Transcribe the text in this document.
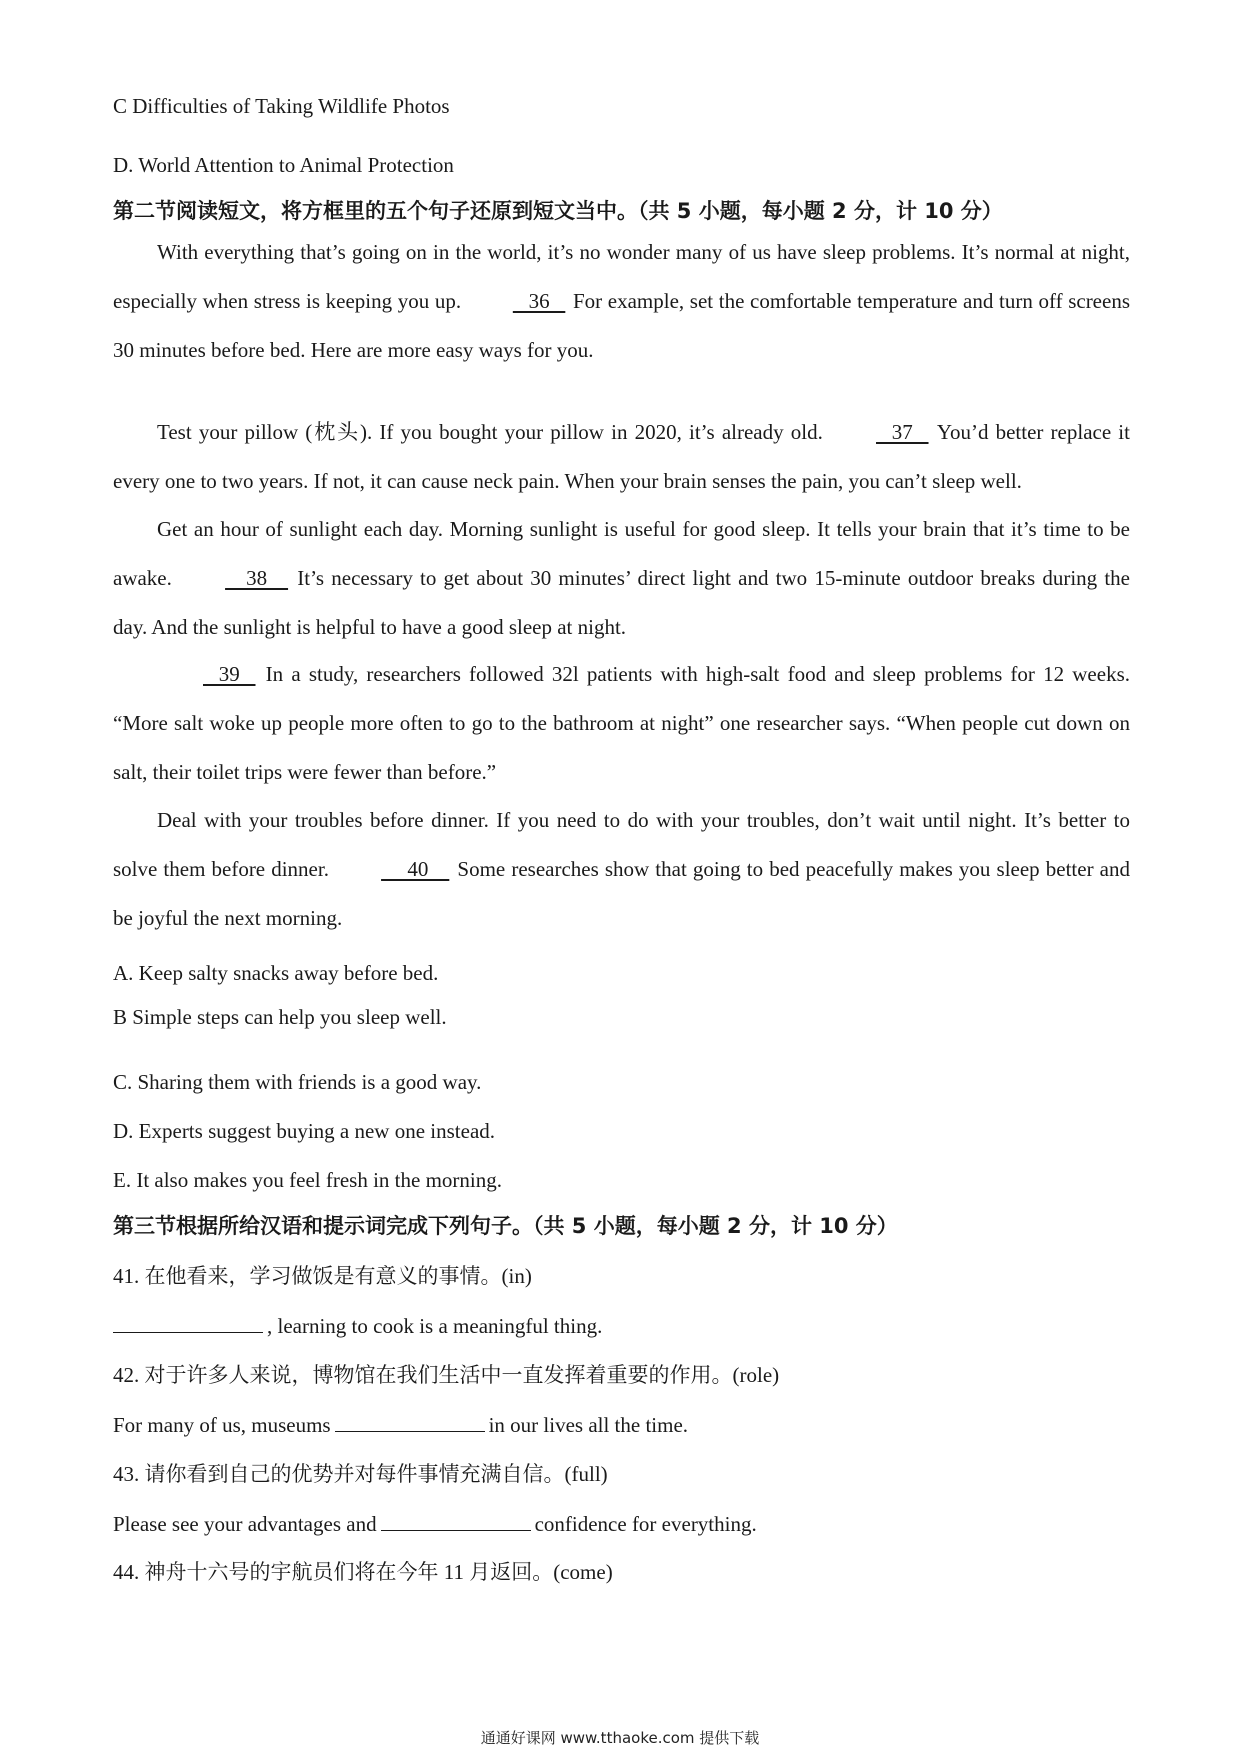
C Difficulties of Taking Wildlife Photos
D. World Attention to Animal Protection
第二节阅读短文，将方框里的五个句子还原到短文当中。（共 5 小题，每小题 2 分，计 10 分）
With everything that’s going on in the world, it’s no wonder many of us have sleep problems. It’s normal at night, especially when stress is keeping you up.    36    For example, set the comfortable temperature and turn off screens 30 minutes before bed. Here are more easy ways for you.
Test your pillow (枕头). If you bought your pillow in 2020, it’s already old.    37    You’d better replace it every one to two years. If not, it can cause neck pain. When your brain senses the pain, you can’t sleep well.
Get an hour of sunlight each day. Morning sunlight is useful for good sleep. It tells your brain that it’s time to be awake.     38     It’s necessary to get about 30 minutes’ direct light and two 15-minute outdoor breaks during the day. And the sunlight is helpful to have a good sleep at night.
39    In a study, researchers followed 32l patients with high-salt food and sleep problems for 12 weeks. “More salt woke up people more often to go to the bathroom at night” one researcher says. “When people cut down on salt, their toilet trips were fewer than before.”
Deal with your troubles before dinner. If you need to do with your troubles, don’t wait until night. It’s better to solve them before dinner.      40     Some researches show that going to bed peacefully makes you sleep better and be joyful the next morning.
A. Keep salty snacks away before bed.
B Simple steps can help you sleep well.
C. Sharing them with friends is a good way.
D. Experts suggest buying a new one instead.
E. It also makes you feel fresh in the morning.
第三节根据所给汉语和提示词完成下列句子。（共 5 小题，每小题 2 分，计 10 分）
41. 在他看来，学习做饭是有意义的事情。(in)
, learning to cook is a meaningful thing.
42. 对于许多人来说，博物馆在我们生活中一直发挥着重要的作用。(role)
For many of us, museums	in our lives all the time.
43. 请你看到自己的优势并对每件事情充满自信。(full)
Please see your advantages and	confidence for everything.
44. 神舟十六号的宇航员们将在今年 11 月返回。(come)
通通好课网 www.tthaoke.com 提供下载
